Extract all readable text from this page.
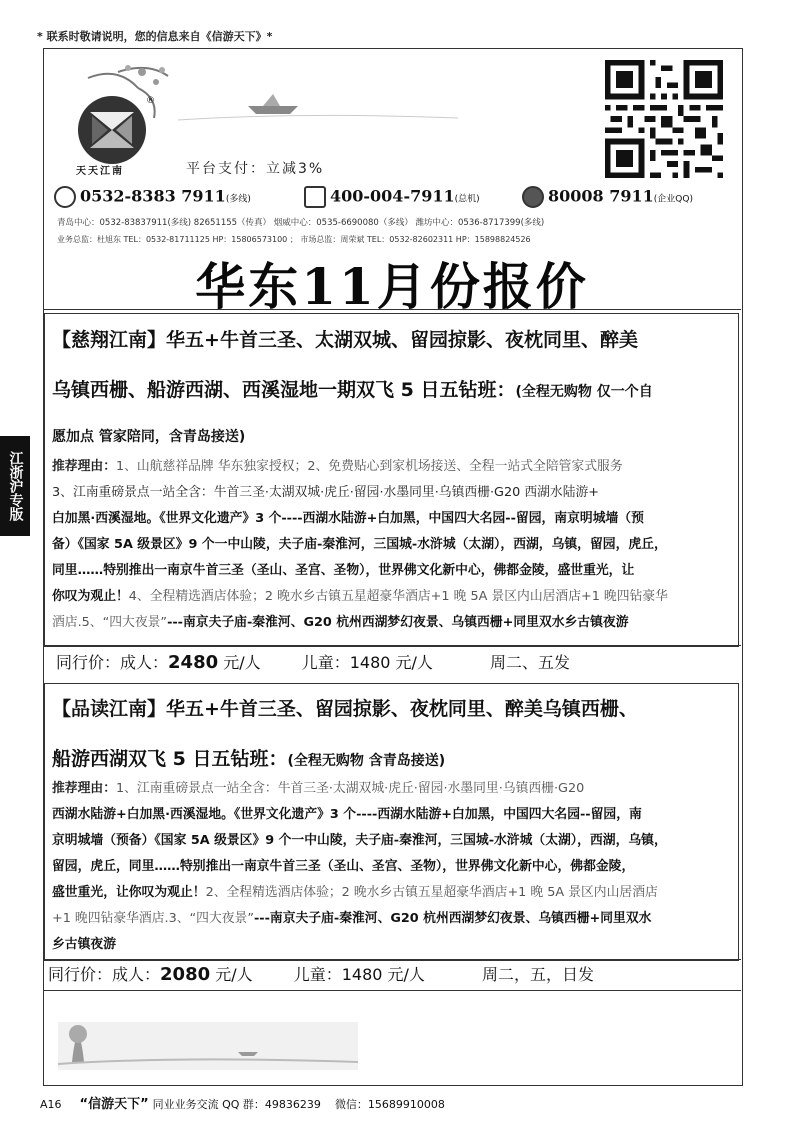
* 联系时敬请说明，您的信息来自《信游天下》*
江浙沪专版
®
天天江南	平台支付：立减3%
0532-8383 7911(多线)	400-004-7911(总机)	80008 7911(企业QQ)
青岛中心：0532-83837911(多线) 82651155（传真） 烟威中心：0535-6690080（多线） 潍坊中心：0536-8717399(多线)
业务总监：杜旭东 TEL：0532-81711125 HP：15806573100 ； 市场总监：周荣斌 TEL：0532-82602311 HP：15898824526
华东11月份报价
【慈翔江南】华五+牛首三圣、太湖双城、留园掠影、夜枕同里、醉美
乌镇西栅、船游西湖、西溪湿地一期双飞 5 日五钻班：(全程无购物 仅一个自
愿加点 管家陪同，含青岛接送)
推荐理由：1、山航慈祥品牌 华东独家授权；2、免费贴心到家机场接送、全程一站式全陪管家式服务
3、江南重磅景点一站全含：牛首三圣·太湖双城·虎丘·留园·水墨同里·乌镇西栅·G20 西湖水陆游+
白加黑·西溪湿地。《世界文化遗产》3 个----西湖水陆游+白加黑，中国四大名园--留园，南京明城墙（预
备）《国家 5A 级景区》9 个一中山陵，夫子庙-秦淮河，三国城-水浒城（太湖），西湖，乌镇，留园，虎丘，
同里……特别推出一南京牛首三圣（圣山、圣宫、圣物），世界佛文化新中心，佛都金陵，盛世重光，让
你叹为观止！4、全程精选酒店体验；2 晚水乡古镇五星超豪华酒店+1 晚 5A 景区内山居酒店+1 晚四钻豪华
酒店.5、“四大夜景”---南京夫子庙-秦淮河、G20 杭州西湖梦幻夜景、乌镇西栅+同里双水乡古镇夜游
同行价：成人：2480 元/人	儿童：1480 元/人	周二、五发
【品读江南】华五+牛首三圣、留园掠影、夜枕同里、醉美乌镇西栅、
船游西湖双飞 5 日五钻班：(全程无购物 含青岛接送)
推荐理由：1、江南重磅景点一站全含：牛首三圣·太湖双城·虎丘·留园·水墨同里·乌镇西栅·G20
西湖水陆游+白加黑·西溪湿地。《世界文化遗产》3 个----西湖水陆游+白加黑，中国四大名园--留园，南
京明城墙（预备）《国家 5A 级景区》9 个一中山陵，夫子庙-秦淮河，三国城-水浒城（太湖），西湖，乌镇，
留园，虎丘，同里……特别推出一南京牛首三圣（圣山、圣宫、圣物），世界佛文化新中心，佛都金陵，
盛世重光，让你叹为观止！2、全程精选酒店体验；2 晚水乡古镇五星超豪华酒店+1 晚 5A 景区内山居酒店
+1 晚四钻豪华酒店.3、“四大夜景”---南京夫子庙-秦淮河、G20 杭州西湖梦幻夜景、乌镇西栅+同里双水
乡古镇夜游
同行价：成人：2080 元/人	儿童：1480 元/人	周二，五，日发
A16 “信游天下” 同业业务交流 QQ 群：49836239 微信：15689910008
